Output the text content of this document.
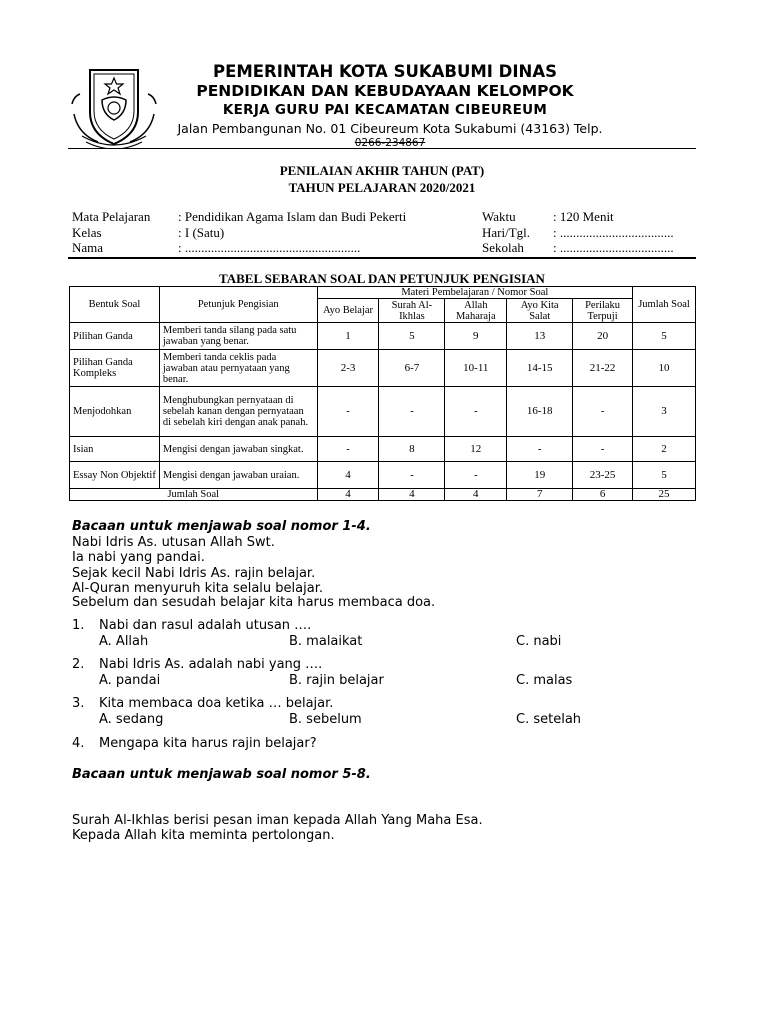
PEMERINTAH KOTA SUKABUMI DINAS
PENDIDIKAN DAN KEBUDAYAAN KELOMPOK
KERJA GURU PAI KECAMATAN CIBEUREUM
Jalan Pembangunan No. 01 Cibeureum Kota Sukabumi (43163) Telp.
0266-234867
PENILAIAN AKHIR TAHUN (PAT)
TAHUN PELAJARAN 2020/2021
Mata Pelajaran : Pendidikan Agama Islam dan Budi Pekerti	Waktu	: 120 Menit
Kelas	: I (Satu)	Hari/Tgl. : ...................................
Nama	: ......................................................	Sekolah : ...................................
TABEL SEBARAN SOAL DAN PETUNJUK PENGISIAN
Bentuk Soal	Petunjuk Pengisian	Materi Pembelajaran / Nomor Soal					Jumlah Soal
		Ayo Belajar	Surah Al-Ikhlas	Allah Maharaja	Ayo Kita Salat	Perilaku Terpuji	
Pilihan Ganda	Memberi tanda silang pada satu jawaban yang benar.	1	5	9	13	20	5
Pilihan Ganda Kompleks	Memberi tanda ceklis pada jawaban atau pernyataan yang benar.	2-3	6-7	10-11	14-15	21-22	10
Menjodohkan	Menghubungkan pernyataan di sebelah kanan dengan pernyataan di sebelah kiri dengan anak panah.	-	-	-	16-18	-	3
Isian	Mengisi dengan jawaban singkat.	-	8	12	-	-	2
Essay Non Objektif	Mengisi dengan jawaban uraian.	4	-	-	19	23-25	5
Jumlah Soal		4	4	4	7	6	25
Bacaan untuk menjawab soal nomor 1-4.
Nabi Idris As. utusan Allah Swt.
Ia nabi yang pandai.
Sejak kecil Nabi Idris As. rajin belajar.
Al-Quran menyuruh kita selalu belajar.
Sebelum dan sesudah belajar kita harus membaca doa.
1. Nabi dan rasul adalah utusan ….
A. Allah	B. malaikat	C. nabi
2. Nabi Idris As. adalah nabi yang ….
A. pandai	B. rajin belajar	C. malas
3. Kita membaca doa ketika … belajar.
A. sedang	B. sebelum	C. setelah
4. Mengapa kita harus rajin belajar?
Bacaan untuk menjawab soal nomor 5-8.
Surah Al-Ikhlas berisi pesan iman kepada Allah Yang Maha Esa.
Kepada Allah kita meminta pertolongan.
